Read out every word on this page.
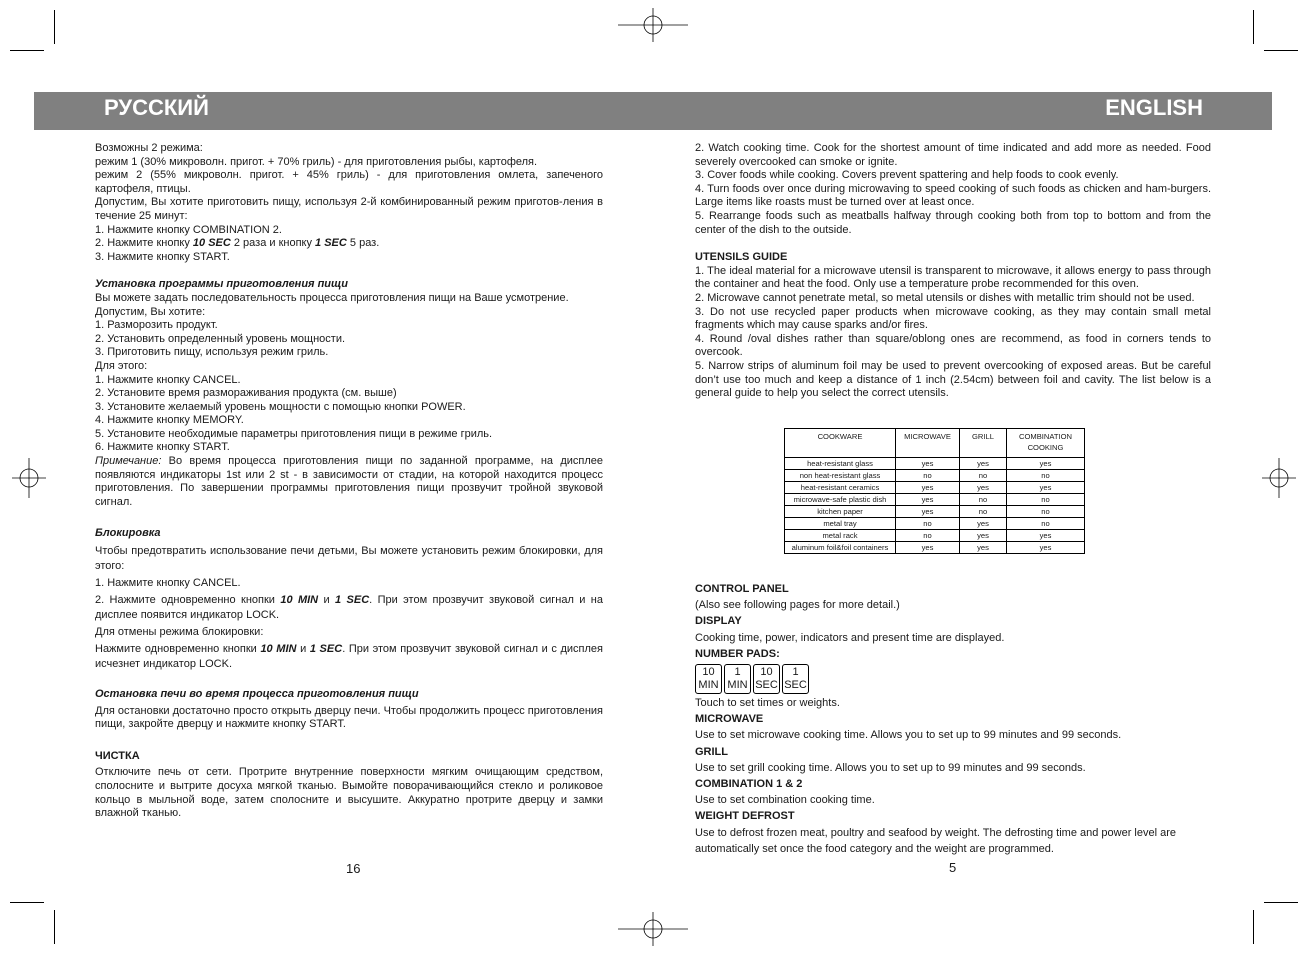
РУССКИЙ	ENGLISH

Возможны 2 режима:

режим 1 (30% микроволн. пригот. + 70% гриль) - для приготовления рыбы, картофеля.

режим 2 (55% микроволн. пригот. + 45% гриль) - для приготовления омлета, запеченого картофеля, птицы.

Допустим, Вы хотите приготовить пищу, используя 2-й комбинированный режим приготов-ления в течение 25 минут:

1. Нажмите кнопку COMBINATION 2.

2. Нажмите кнопку 10 SEC 2 раза и кнопку 1 SEC 5 раз.

3. Нажмите кнопку START.

Установка программы приготовления пищи

Вы можете задать последовательность процесса приготовления пищи на Ваше усмотрение.

Допустим, Вы хотите:

1. Разморозить продукт.

2. Установить определенный уровень мощности.

3. Приготовить пищу, используя режим гриль.

Для этого:

1. Нажмите кнопку CANCEL.

2. Установите время размораживания продукта (см. выше)

3. Установите желаемый уровень мощности с помощью кнопки POWER.

4. Нажмите кнопку MEMORY.

5. Установите необходимые параметры приготовления пищи в режиме гриль.

6. Нажмите кнопку START.

Примечание: Во время процесса приготовления пищи по заданной программе, на дисплее появляются индикаторы 1st или 2 st - в зависимости от стадии, на которой находится процесс приготовления. По завершении программы приготовления пищи прозвучит тройной звуковой сигнал.

Блокировка

Чтобы предотвратить использование печи детьми, Вы можете установить режим блокировки, для этого:

1. Нажмите кнопку CANCEL.

2. Нажмите одновременно кнопки 10 MIN и 1 SEC. При этом прозвучит звуковой сигнал и на дисплее появится индикатор LOCK.

Для отмены режима блокировки:

Нажмите одновременно кнопки 10 MIN и 1 SEC. При этом прозвучит звуковой сигнал и с дисплея исчезнет индикатор LOCK.

Остановка печи во время процесса приготовления пищи

Для остановки достаточно просто открыть дверцу печи. Чтобы продолжить процесс приготовления пищи, закройте дверцу и нажмите кнопку START.

ЧИСТКА

Отключите печь от сети. Протрите внутренние поверхности мягким очищающим средством, сполосните и вытрите досуха мягкой тканью. Вымойте поворачивающийся стекло и роликовое кольцо в мыльной воде, затем сполосните и высушите. Аккуратно протрите дверцу и замки влажной тканью.

16

2. Watch cooking time. Cook for the shortest amount of time indicated and add more as needed. Food severely overcooked can smoke or ignite.

3. Cover foods while cooking. Covers prevent spattering and help foods to cook evenly.

4. Turn foods over once during microwaving to speed cooking of such foods as chicken and ham-burgers. Large items like roasts must be turned over at least once.

5. Rearrange foods such as meatballs halfway through cooking both from top to bottom and from the center of the dish to the outside.

UTENSILS GUIDE

1. The ideal material for a microwave utensil is transparent to microwave, it allows energy to pass through the container and heat the food. Only use a temperature probe recommended for this oven.

2. Microwave cannot penetrate metal, so metal utensils or dishes with metallic trim should not be used.

3. Do not use recycled paper products when microwave cooking, as they may contain small metal fragments which may cause sparks and/or fires.

4. Round /oval dishes rather than square/oblong ones are recommend, as food in corners tends to overcook.

5. Narrow strips of aluminum foil may be used to prevent overcooking of exposed areas. But be careful don’t use too much and keep a distance of 1 inch (2.54cm) between foil and cavity. The list below is a general guide to help you select the correct utensils.

COOKWARE	MICROWAVE	GRILL	COMBINATION COOKING
heat-resistant glass	yes	yes	yes
non heat-resistant glass	no	no	no
heat-resistant ceramics	yes	yes	yes
microwave-safe plastic dish	yes	no	no
kitchen paper	yes	no	no
metal tray	no	yes	no
metal rack	no	yes	yes
aluminum foil&foil containers	yes	yes	yes

CONTROL PANEL

(Also see following pages for more detail.)

DISPLAY

Cooking time, power, indicators and present time are displayed.

NUMBER PADS:

10
MIN
1
MIN
10
SEC
1
SEC

Touch to set times or weights.

MICROWAVE

Use to set microwave cooking time. Allows you to set up to 99 minutes and 99 seconds.

GRILL

Use to set grill cooking time. Allows you to set up to 99 minutes and 99 seconds.

COMBINATION 1 & 2

Use to set combination cooking time.

WEIGHT DEFROST

Use to defrost frozen meat, poultry and seafood by weight. The defrosting time and power level are automatically set once the food category and the weight are programmed.

5
